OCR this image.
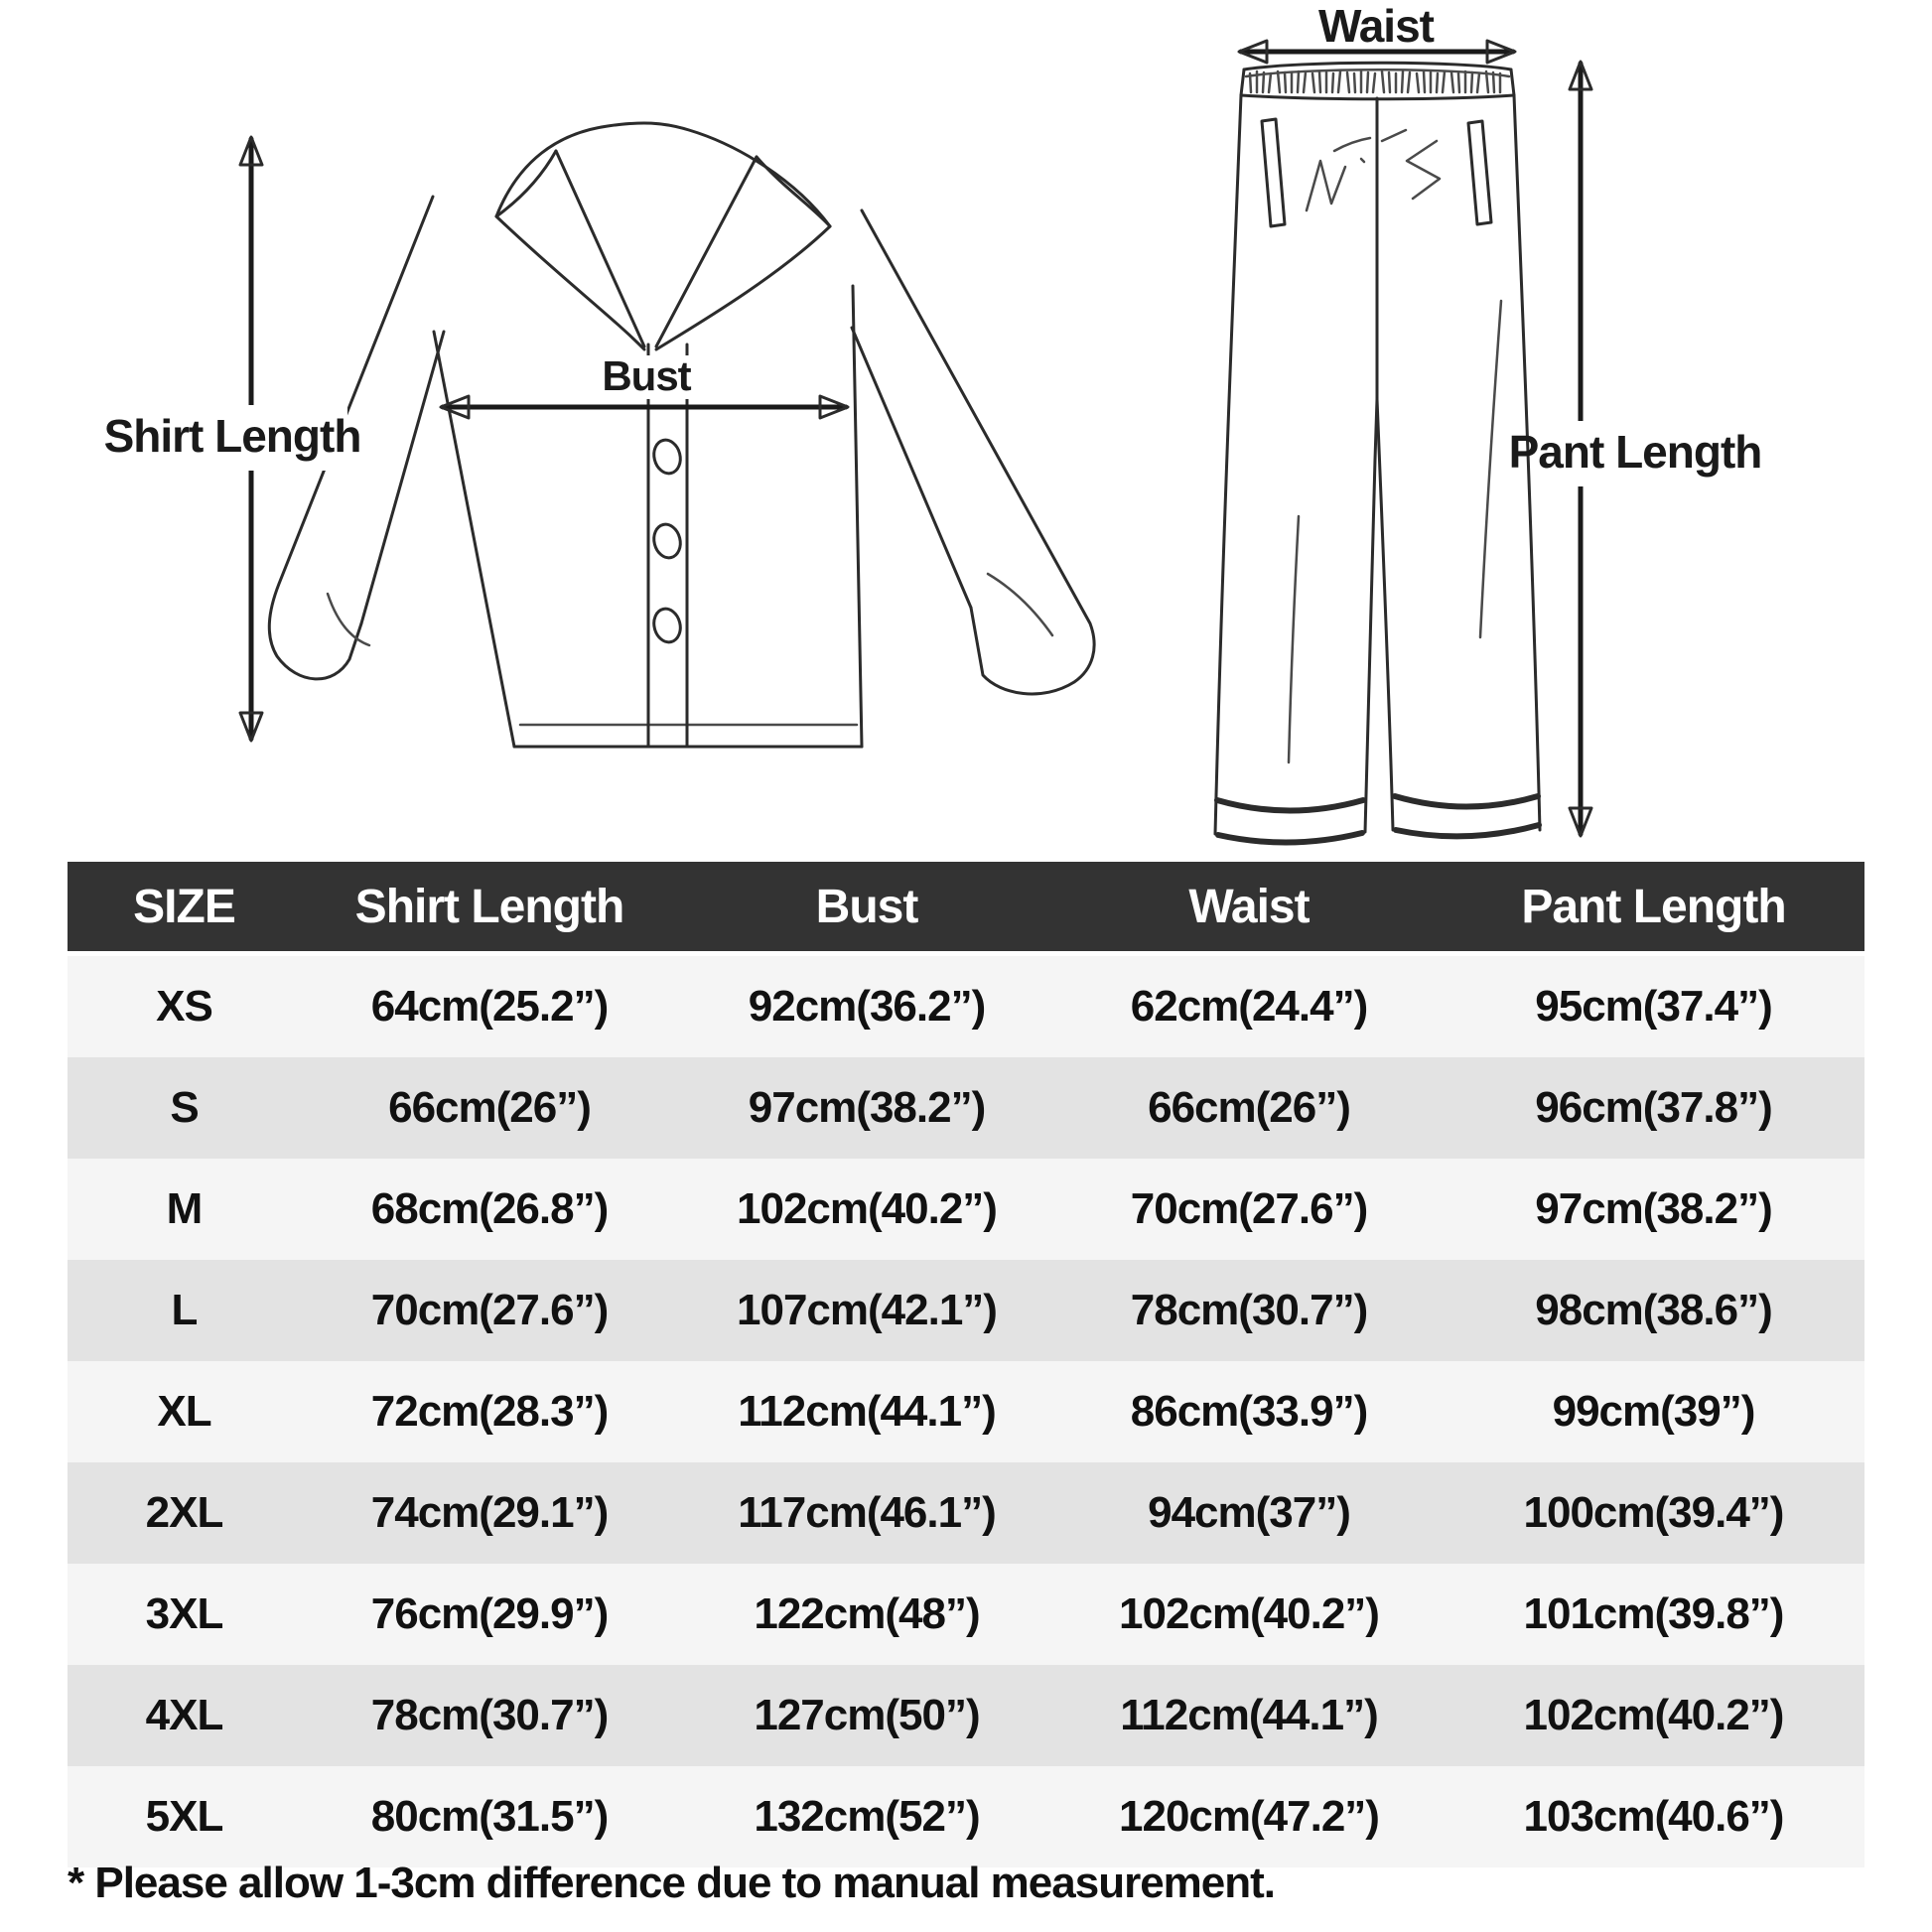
Shirt Length
Bust
Waist
Pant Length
SIZE	Shirt Length	Bust	Waist	Pant Length
XS	64cm(25.2”)	92cm(36.2”)	62cm(24.4”)	95cm(37.4”)
S	66cm(26”)	97cm(38.2”)	66cm(26”)	96cm(37.8”)
M	68cm(26.8”)	102cm(40.2”)	70cm(27.6”)	97cm(38.2”)
L	70cm(27.6”)	107cm(42.1”)	78cm(30.7”)	98cm(38.6”)
XL	72cm(28.3”)	112cm(44.1”)	86cm(33.9”)	99cm(39”)
2XL	74cm(29.1”)	117cm(46.1”)	94cm(37”)	100cm(39.4”)
3XL	76cm(29.9”)	122cm(48”)	102cm(40.2”)	101cm(39.8”)
4XL	78cm(30.7”)	127cm(50”)	112cm(44.1”)	102cm(40.2”)
5XL	80cm(31.5”)	132cm(52”)	120cm(47.2”)	103cm(40.6”)
* Please allow 1-3cm difference due to manual measurement.
